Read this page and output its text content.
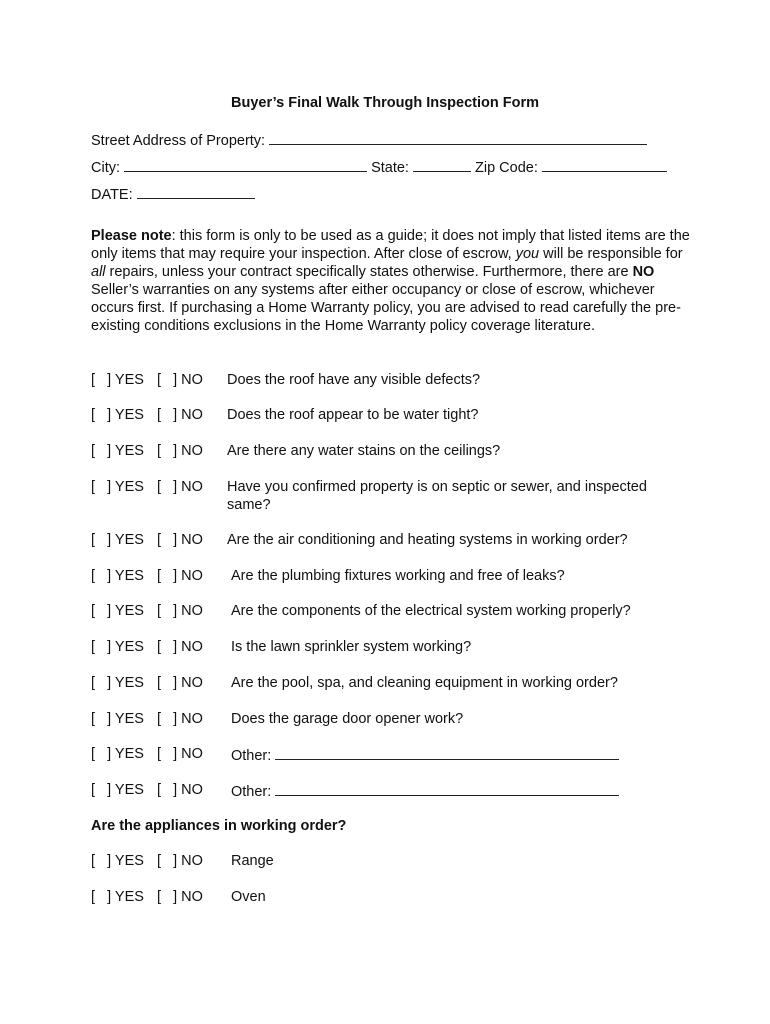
Buyer’s Final Walk Through Inspection Form
Street Address of Property:
City:	State:	Zip Code:
DATE:
Please note: this form is only to be used as a guide; it does not imply that listed items are the only items that may require your inspection. After close of escrow, you will be responsible for all repairs, unless your contract specifically states otherwise. Furthermore, there are NO Seller’s warranties on any systems after either occupancy or close of escrow, whichever occurs first. If purchasing a Home Warranty policy, you are advised to read carefully the pre-existing conditions exclusions in the Home Warranty policy coverage literature.
[   ] YES [   ] NO Does the roof have any visible defects?
[   ] YES [   ] NO Does the roof appear to be water tight?
[   ] YES [   ] NO Are there any water stains on the ceilings?
[   ] YES [   ] NO Have you confirmed property is on septic or sewer, and inspected same?
[   ] YES [   ] NO Are the air conditioning and heating systems in working order?
[   ] YES [   ] NO Are the plumbing fixtures working and free of leaks?
[   ] YES [   ] NO Are the components of the electrical system working properly?
[   ] YES [   ] NO Is the lawn sprinkler system working?
[   ] YES [   ] NO Are the pool, spa, and cleaning equipment in working order?
[   ] YES [   ] NO Does the garage door opener work?
[   ] YES [   ] NO Other:
[   ] YES [   ] NO Other:
Are the appliances in working order?
[   ] YES [   ] NO Range
[   ] YES [   ] NO Oven
